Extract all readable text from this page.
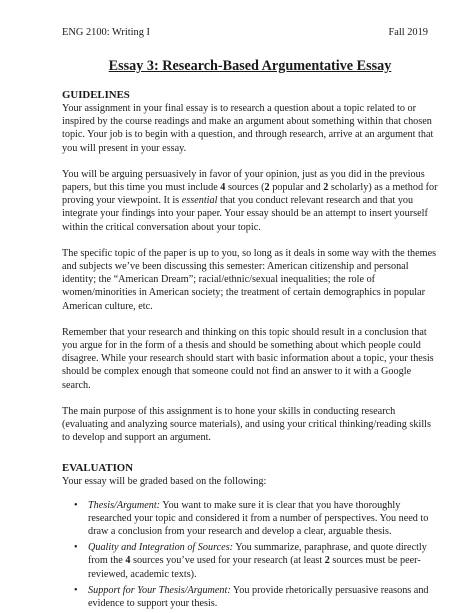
ENG 2100: Writing I	Fall 2019
Essay 3: Research-Based Argumentative Essay
GUIDELINES

Your assignment in your final essay is to research a question about a topic related to or inspired by the course readings and make an argument about something within that chosen topic. Your job is to begin with a question, and through research, arrive at an argument that you will present in your essay.

You will be arguing persuasively in favor of your opinion, just as you did in the previous papers, but this time you must include 4 sources (2 popular and 2 scholarly) as a method for proving your viewpoint. It is essential that you conduct relevant research and that you integrate your findings into your paper. Your essay should be an attempt to insert yourself within the critical conversation about your topic.

The specific topic of the paper is up to you, so long as it deals in some way with the themes and subjects we’ve been discussing this semester: American citizenship and personal identity; the “American Dream”; racial/ethnic/sexual inequalities; the role of women/minorities in American society; the treatment of certain demographics in popular American culture, etc.

Remember that your research and thinking on this topic should result in a conclusion that you argue for in the form of a thesis and should be something about which people could disagree. While your research should start with basic information about a topic, your thesis should be complex enough that someone could not find an answer to it with a Google search.

The main purpose of this assignment is to hone your skills in conducting research (evaluating and analyzing source materials), and using your critical thinking/reading skills to develop and support an argument.

EVALUATION

Your essay will be graded based on the following:

• Thesis/Argument: You want to make sure it is clear that you have thoroughly researched your topic and considered it from a number of perspectives. You need to draw a conclusion from your research and develop a clear, arguable thesis.
• Quality and Integration of Sources: You summarize, paraphrase, and quote directly from the 4 sources you’ve used for your research (at least 2 sources must be peer-reviewed, academic texts).
• Support for Your Thesis/Argument: You provide rhetorically persuasive reasons and evidence to support your thesis.
